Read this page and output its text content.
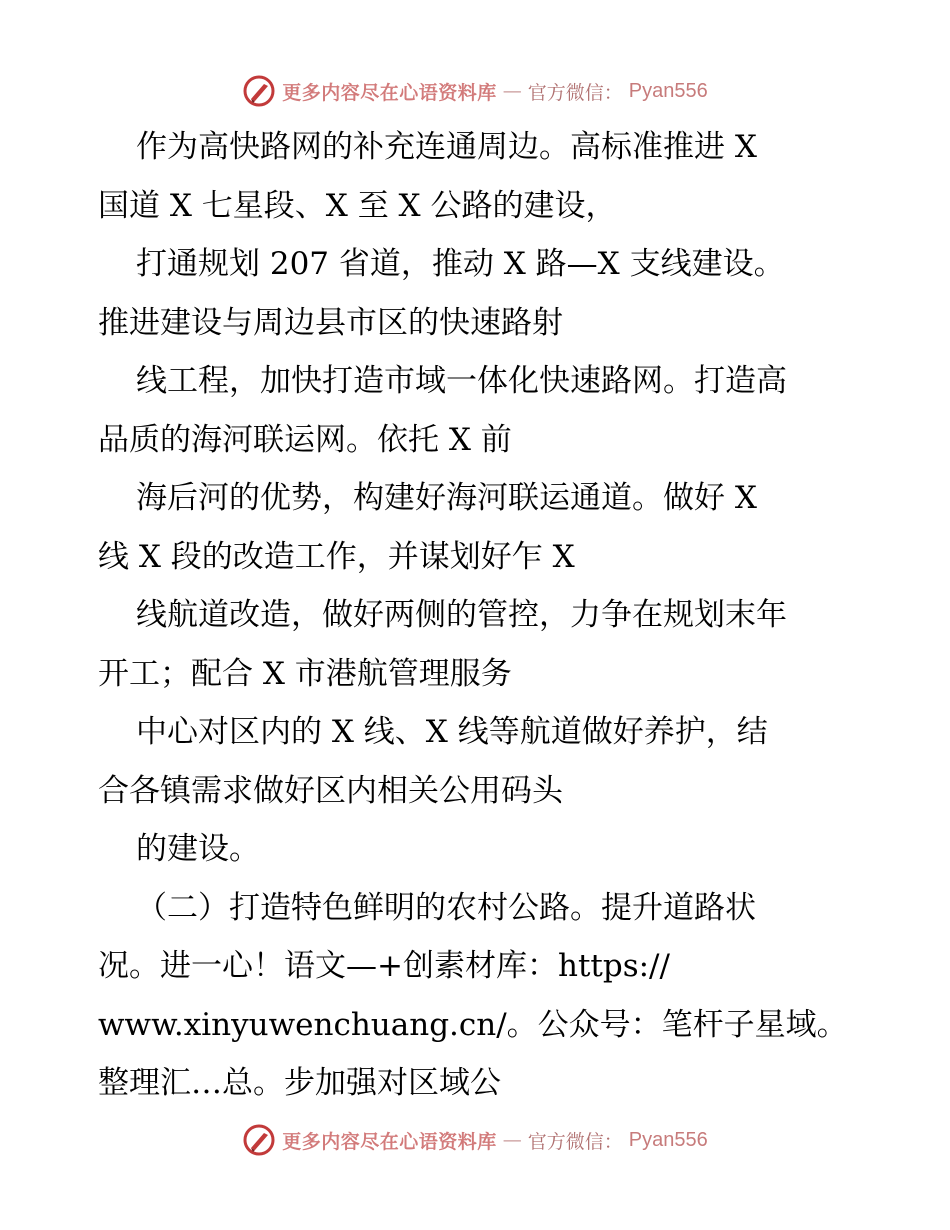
更多内容尽在心语资料库 — 官方微信： Pyan556
作为高快路网的补充连通周边。高标准推进 X
国道 X 七星段、X 至 X 公路的建设，
打通规划 207 省道，推动 X 路—X 支线建设。
推进建设与周边县市区的快速路射
线工程，加快打造市域一体化快速路网。打造高
品质的海河联运网。依托 X 前
海后河的优势，构建好海河联运通道。做好 X
线 X 段的改造工作，并谋划好乍 X
线航道改造，做好两侧的管控，力争在规划末年
开工；配合 X 市港航管理服务
中心对区内的 X 线、X 线等航道做好养护，结
合各镇需求做好区内相关公用码头
的建设。
（二）打造特色鲜明的农村公路。提升道路状
况。进一心！语文—+创素材库：https://
www.xinyuwenchuang.cn/。公众号：笔杆子星域。
整理汇…总。步加强对区域公
更多内容尽在心语资料库 — 官方微信： Pyan556
